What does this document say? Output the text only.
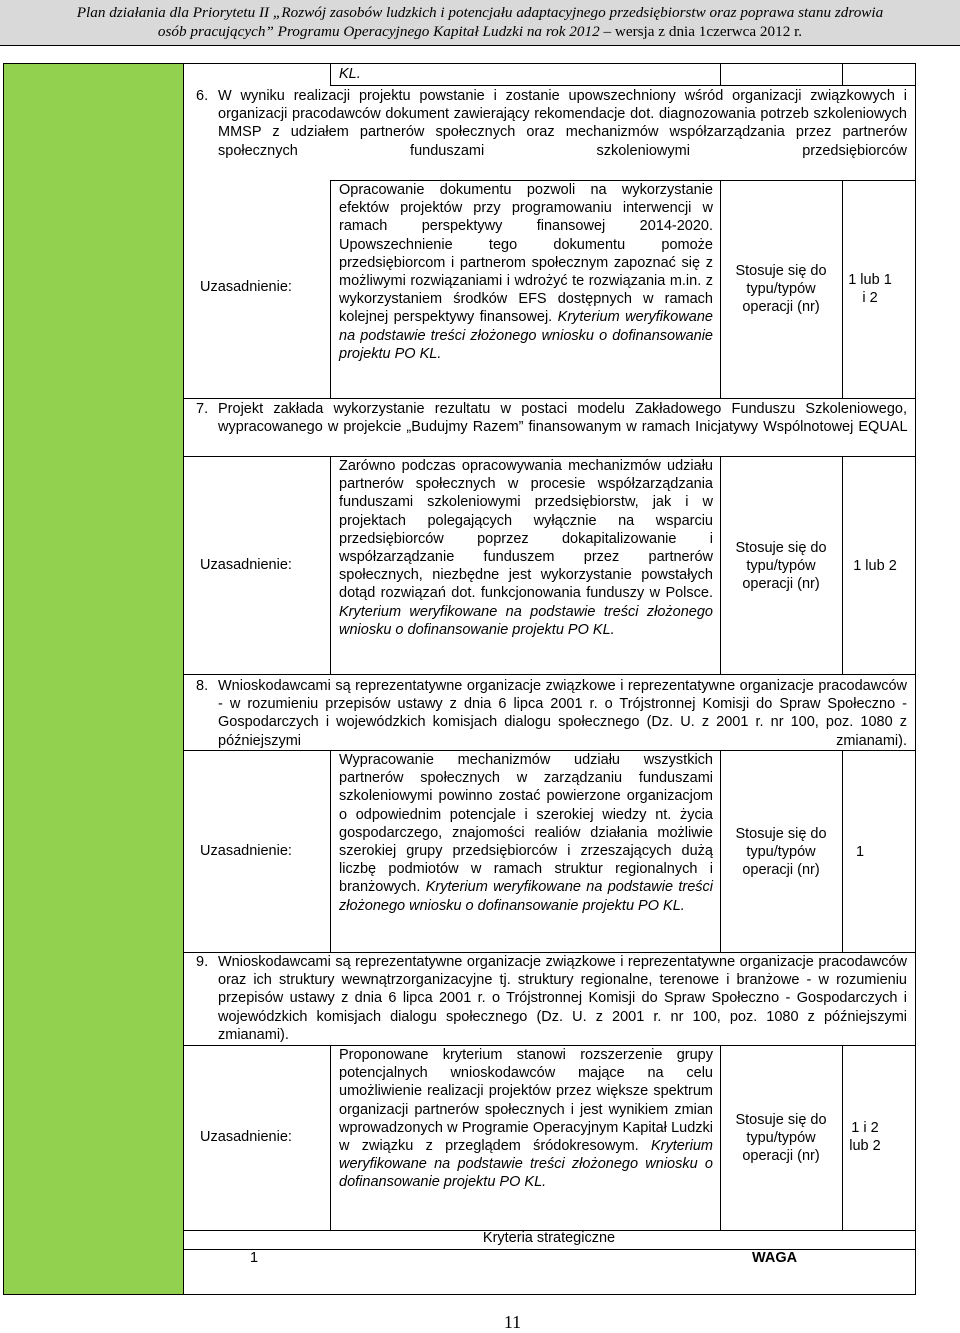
Plan działania dla Priorytetu II „Rozwój zasobów ludzkich i potencjału adaptacyjnego przedsiębiorstw oraz poprawa stanu zdrowia
osób pracujących” Programu Operacyjnego Kapitał Ludzki na rok 2012 – wersja z dnia 1czerwca 2012 r.
KL.
6. W wyniku realizacji projektu powstanie i zostanie upowszechniony wśród organizacji związkowych i organizacji pracodawców dokument zawierający rekomendacje dot. diagnozowania potrzeb szkoleniowych MMSP z udziałem partnerów społecznych oraz mechanizmów współzarządzania przez partnerów społecznych funduszami szkoleniowymi przedsiębiorców
Uzasadnienie:
Opracowanie dokumentu pozwoli na wykorzystanie efektów projektów przy programowaniu interwencji w ramach perspektywy finansowej 2014-2020. Upowszechnienie tego dokumentu pomoże przedsiębiorcom i partnerom społecznym zapoznać się z możliwymi rozwiązaniami i wdrożyć te rozwiązania m.in. z wykorzystaniem środków EFS dostępnych w ramach kolejnej perspektywy finansowej. Kryterium weryfikowane na podstawie treści złożonego wniosku o dofinansowanie projektu PO KL.
Stosuje się do typu/typów operacji (nr)
1 lub 1 i 2
7. Projekt zakłada wykorzystanie rezultatu w postaci modelu Zakładowego Funduszu Szkoleniowego, wypracowanego w projekcie „Budujmy Razem” finansowanym w ramach Inicjatywy Wspólnotowej EQUAL
Uzasadnienie:
Zarówno podczas opracowywania mechanizmów udziału partnerów społecznych w procesie współzarządzania funduszami szkoleniowymi przedsiębiorstw, jak i w projektach polegających wyłącznie na wsparciu przedsiębiorców poprzez dokapitalizowanie i współzarządzanie funduszem przez partnerów społecznych, niezbędne jest wykorzystanie powstałych dotąd rozwiązań dot. funkcjonowania funduszy w Polsce. Kryterium weryfikowane na podstawie treści złożonego wniosku o dofinansowanie projektu PO KL.
Stosuje się do typu/typów operacji (nr)
1 lub 2
8. Wnioskodawcami są reprezentatywne organizacje związkowe i reprezentatywne organizacje pracodawców - w rozumieniu przepisów ustawy z dnia 6 lipca 2001 r. o Trójstronnej Komisji do Spraw Społeczno - Gospodarczych i wojewódzkich komisjach dialogu społecznego (Dz. U. z 2001 r. nr 100, poz. 1080 z późniejszymi zmianami).
Uzasadnienie:
Wypracowanie mechanizmów udziału wszystkich partnerów społecznych w zarządzaniu funduszami szkoleniowymi powinno zostać powierzone organizacjom o odpowiednim potencjale i szerokiej wiedzy nt. życia gospodarczego, znajomości realiów działania możliwie szerokiej grupy przedsiębiorców i zrzeszających dużą liczbę podmiotów w ramach struktur regionalnych i branżowych. Kryterium weryfikowane na podstawie treści złożonego wniosku o dofinansowanie projektu PO KL.
Stosuje się do typu/typów operacji (nr)
1
9. Wnioskodawcami są reprezentatywne organizacje związkowe i reprezentatywne organizacje pracodawców oraz ich struktury wewnątrzorganizacyjne tj. struktury regionalne, terenowe i branżowe - w rozumieniu przepisów ustawy z dnia 6 lipca 2001 r. o Trójstronnej Komisji do Spraw Społeczno - Gospodarczych i wojewódzkich komisjach dialogu społecznego (Dz. U. z 2001 r. nr 100, poz. 1080 z późniejszymi zmianami).
Uzasadnienie:
Proponowane kryterium stanowi rozszerzenie grupy potencjalnych wnioskodawców mające na celu umożliwienie realizacji projektów przez większe spektrum organizacji partnerów społecznych i jest wynikiem zmian wprowadzonych w Programie Operacyjnym Kapitał Ludzki w związku z przeglądem śródokresowym. Kryterium weryfikowane na podstawie treści złożonego wniosku o dofinansowanie projektu PO KL.
Stosuje się do typu/typów operacji (nr)
1 i 2 lub 2
Kryteria strategiczne
1	WAGA
11
